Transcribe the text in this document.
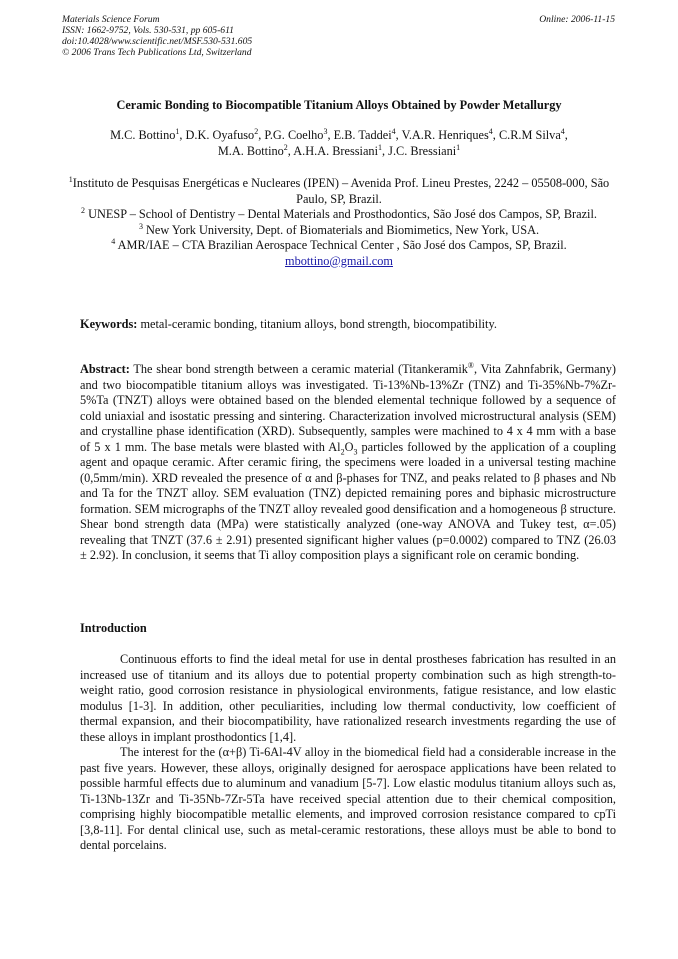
Materials Science Forum
ISSN: 1662-9752, Vols. 530-531, pp 605-611
doi:10.4028/www.scientific.net/MSF.530-531.605
© 2006 Trans Tech Publications Ltd, Switzerland
Online: 2006-11-15
Ceramic Bonding to Biocompatible Titanium Alloys Obtained by Powder Metallurgy
M.C. Bottino$^1$, D.K. Oyafuso$^2$, P.G. Coelho$^3$, E.B. Taddei$^4$, V.A.R. Henriques$^4$, C.R.M Silva$^4$,
M.A. Bottino$^2$, A.H.A. Bressiani$^1$, J.C. Bressiani$^1$
$^1$Instituto de Pesquisas Energéticas e Nucleares (IPEN) – Avenida Prof. Lineu Prestes, 2242 – 05508-000, São Paulo, SP, Brazil.
$^2$ UNESP – School of Dentistry – Dental Materials and Prosthodontics, São José dos Campos, SP, Brazil.
$^3$ New York University, Dept. of Biomaterials and Biomimetics, New York, USA.
$^4$ AMR/IAE – CTA Brazilian Aerospace Technical Center , São José dos Campos, SP, Brazil.
mbottino@gmail.com
Keywords: metal-ceramic bonding, titanium alloys, bond strength, biocompatibility.
Abstract: The shear bond strength between a ceramic material (Titankeramik®, Vita Zahnfabrik, Germany) and two biocompatible titanium alloys was investigated. Ti-13%Nb-13%Zr (TNZ) and Ti-35%Nb-7%Zr-5%Ta (TNZT) alloys were obtained based on the blended elemental technique followed by a sequence of cold uniaxial and isostatic pressing and sintering. Characterization involved microstructural analysis (SEM) and crystalline phase identification (XRD). Subsequently, samples were machined to 4 x 4 mm with a base of 5 x 1 mm. The base metals were blasted with $Al_2O_3$ particles followed by the application of a coupling agent and opaque ceramic. After ceramic firing, the specimens were loaded in a universal testing machine (0,5mm/min). XRD revealed the presence of α and β-phases for TNZ, and peaks related to β phases and Nb and Ta for the TNZT alloy. SEM evaluation (TNZ) depicted remaining pores and biphasic microstructure formation. SEM micrographs of the TNZT alloy revealed good densification and a homogeneous β structure. Shear bond strength data (MPa) were statistically analyzed (one-way ANOVA and Tukey test, α=.05) revealing that TNZT (37.6 ± 2.91) presented significant higher values (p=0.0002) compared to TNZ (26.03 ± 2.92). In conclusion, it seems that Ti alloy composition plays a significant role on ceramic bonding.
Introduction

Continuous efforts to find the ideal metal for use in dental prostheses fabrication has resulted in an increased use of titanium and its alloys due to potential property combination such as high strength-to-weight ratio, good corrosion resistance in physiological environments, fatigue resistance, and low elastic modulus [1-3]. In addition, other peculiarities, including low thermal conductivity, low coefficient of thermal expansion, and their biocompatibility, have rationalized research investments regarding the use of these alloys in implant prosthodontics [1,4].

The interest for the (α+β) Ti-6Al-4V alloy in the biomedical field had a considerable increase in the past five years. However, these alloys, originally designed for aerospace applications have been related to possible harmful effects due to aluminum and vanadium [5-7]. Low elastic modulus titanium alloys such as, Ti-13Nb-13Zr and Ti-35Nb-7Zr-5Ta have received special attention due to their chemical composition, comprising highly biocompatible metallic elements, and improved corrosion resistance compared to cpTi [3,8-11]. For dental clinical use, such as metal-ceramic restorations, these alloys must be able to bond to dental porcelains.
